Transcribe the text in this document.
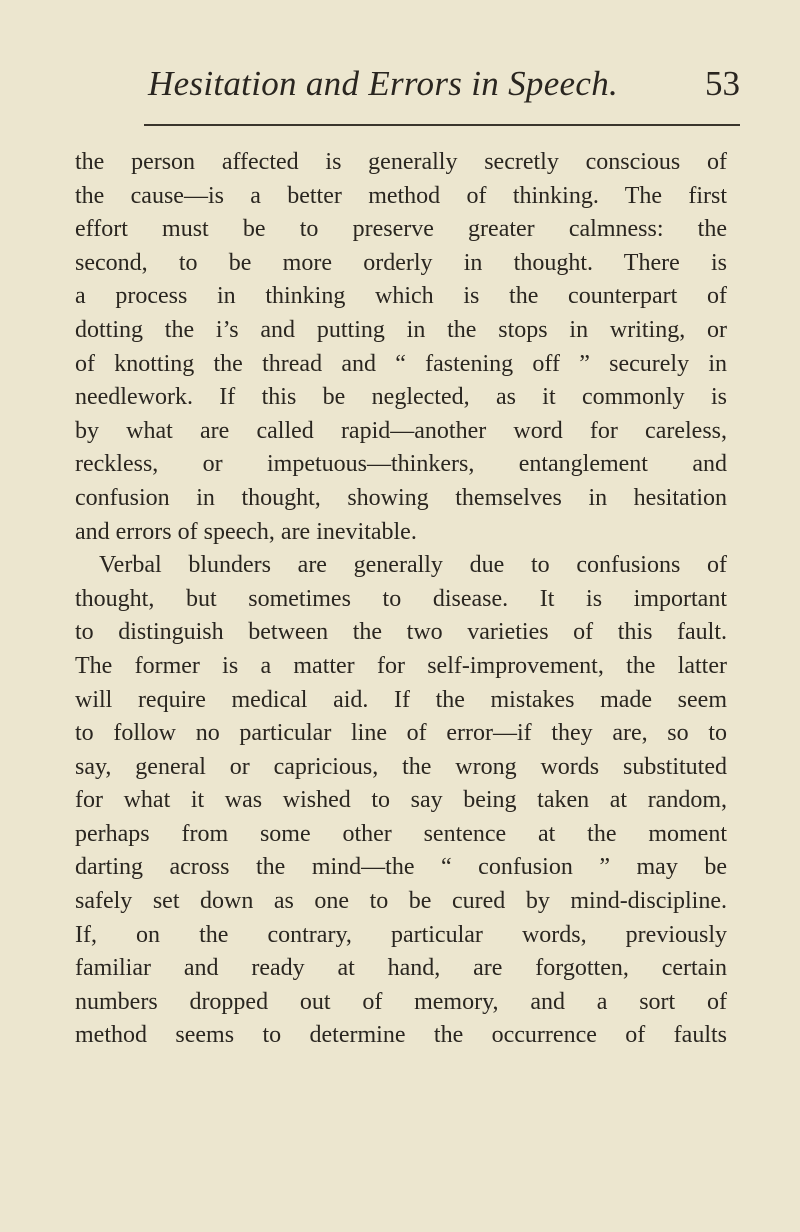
Hesitation and Errors in Speech. 53
the person affected is generally secretly conscious of
the cause—is a better method of thinking. The first
effort must be to preserve greater calmness: the
second, to be more orderly in thought. There is
a process in thinking which is the counterpart of
dotting the i’s and putting in the stops in writing, or
of knotting the thread and “ fastening off ” securely in
needlework. If this be neglected, as it commonly is
by what are called rapid—another word for careless,
reckless, or impetuous—thinkers, entanglement and
confusion in thought, showing themselves in hesitation
and errors of speech, are inevitable.
Verbal blunders are generally due to confusions of
thought, but sometimes to disease. It is important
to distinguish between the two varieties of this fault.
The former is a matter for self-improvement, the latter
will require medical aid. If the mistakes made seem
to follow no particular line of error—if they are, so to
say, general or capricious, the wrong words substituted
for what it was wished to say being taken at random,
perhaps from some other sentence at the moment
darting across the mind—the “ confusion ” may be
safely set down as one to be cured by mind-discipline.
If, on the contrary, particular words, previously
familiar and ready at hand, are forgotten, certain
numbers dropped out of memory, and a sort of
method seems to determine the occurrence of faults
